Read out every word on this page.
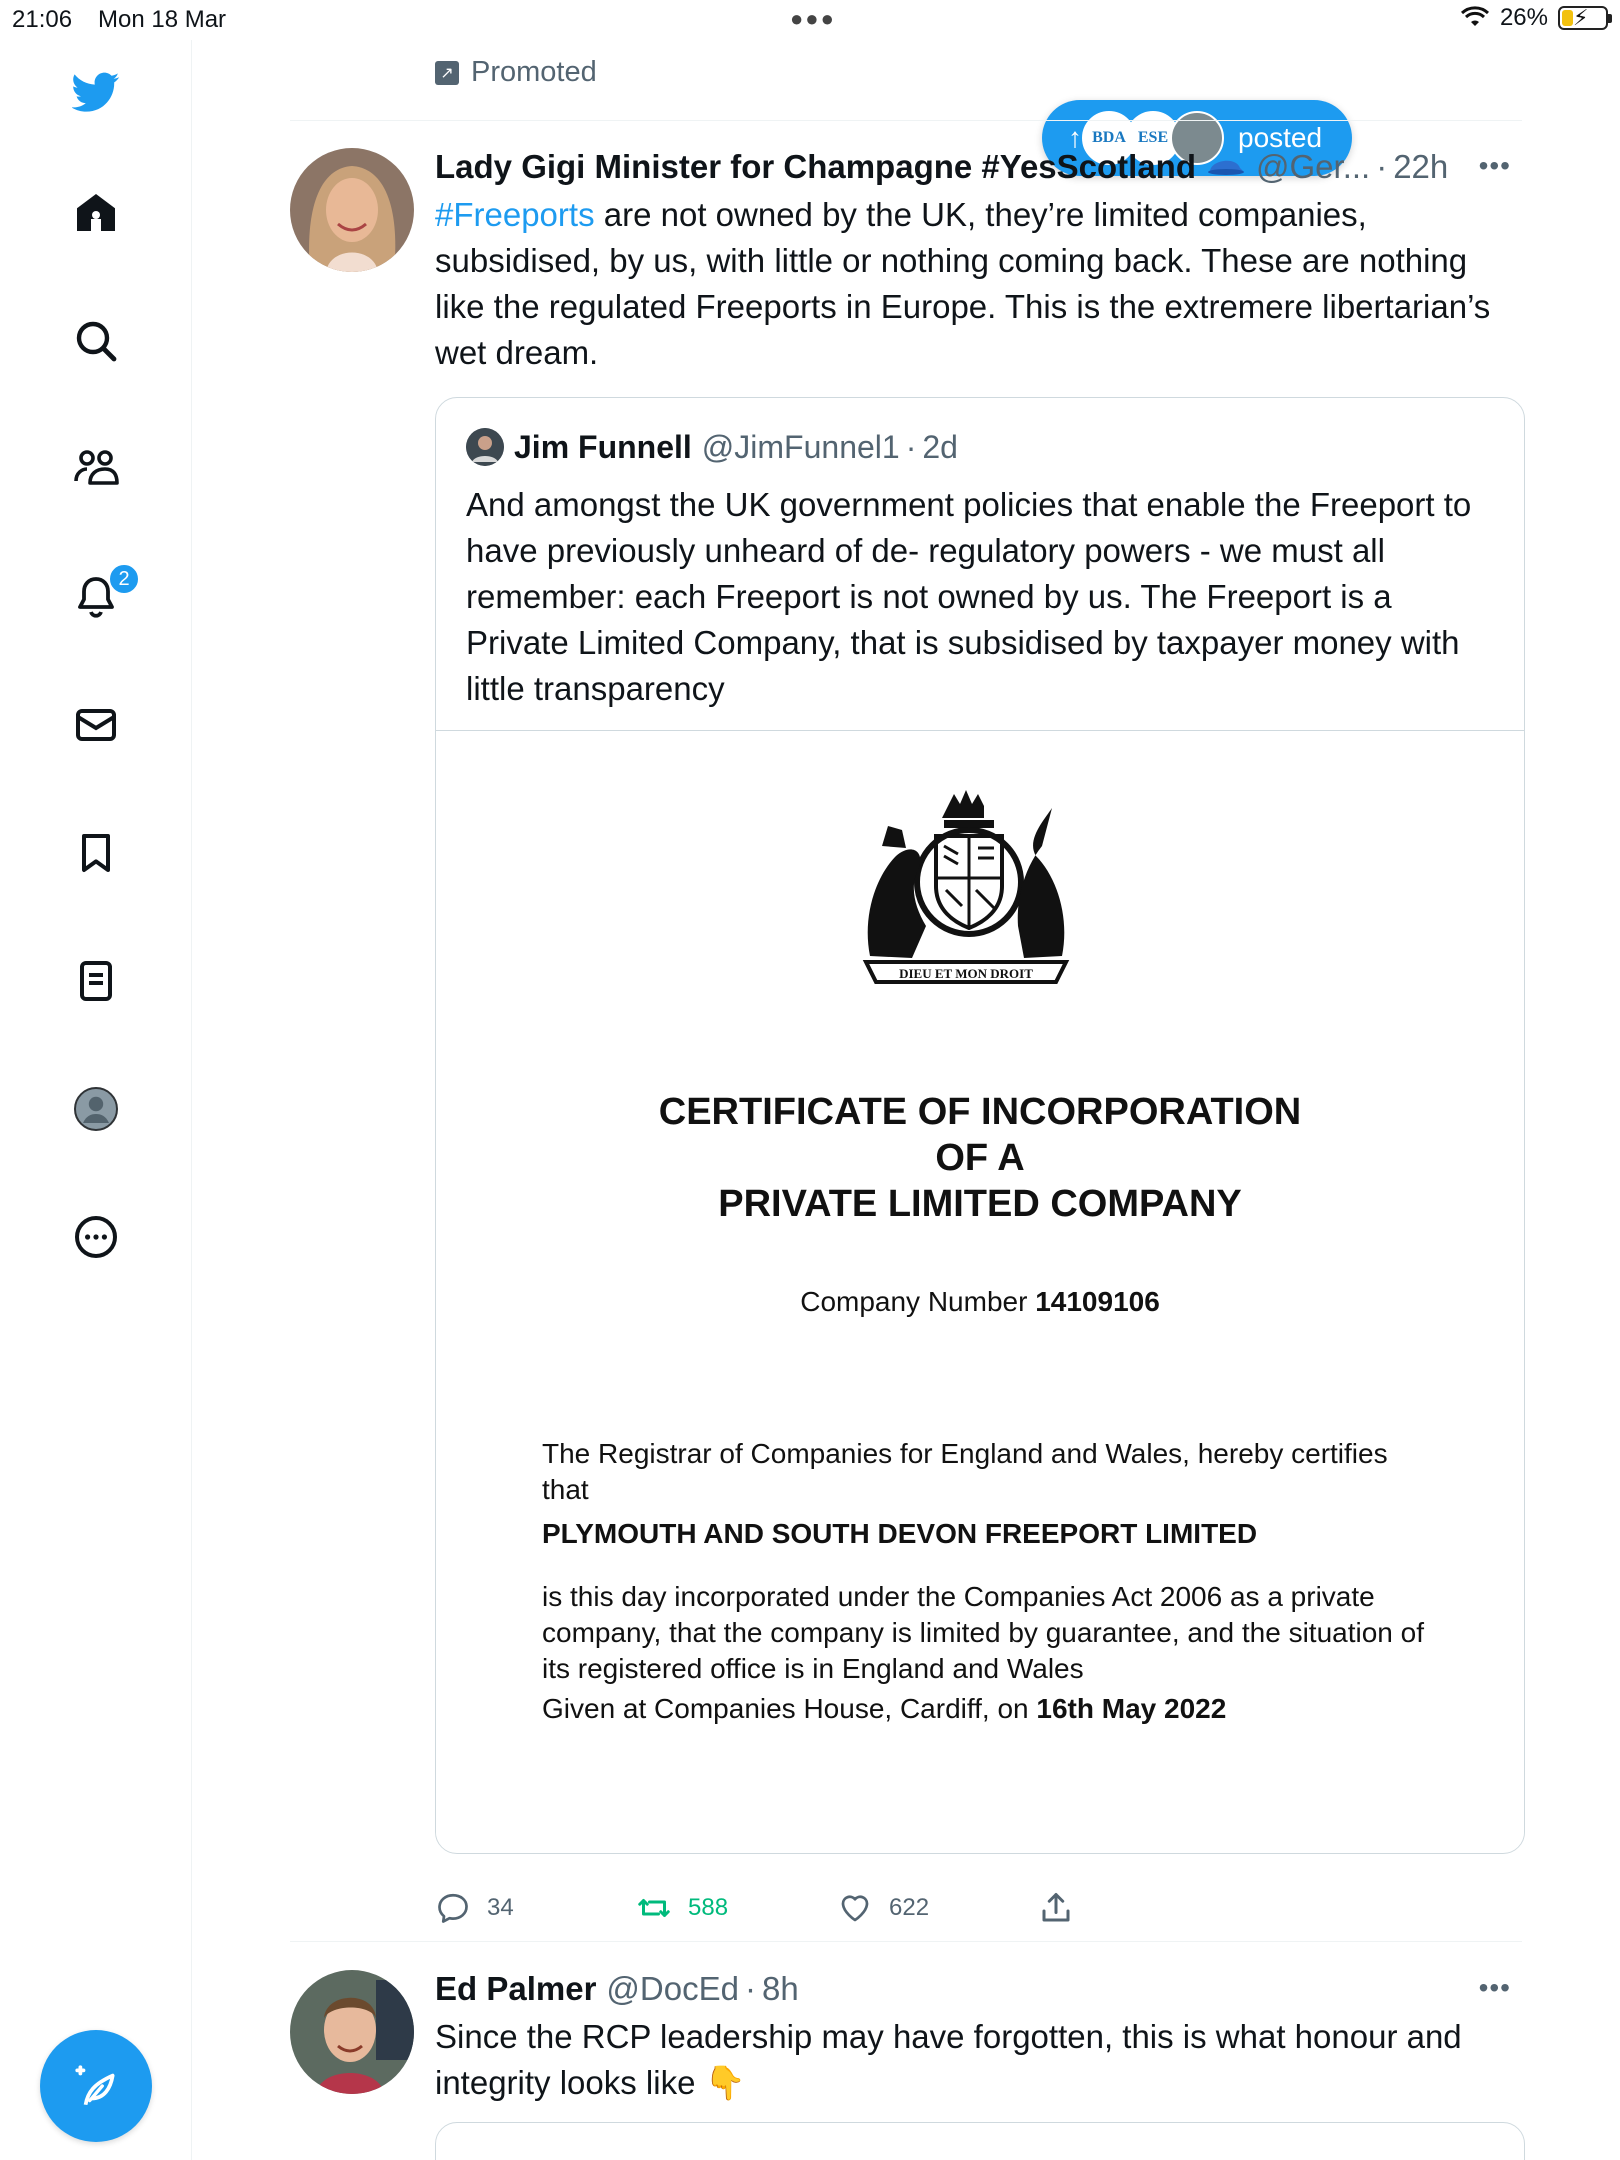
21:06 Mon 18 Mar	●●●	26% ⚡
2
↗ Promoted
↑ BDA ESE	posted
Lady Gigi Minister for Champagne #YesScotland @Ger... · 22h •••
#Freeports are not owned by the UK, they’re limited companies, subsidised, by us, with little or nothing coming back. These are nothing like the regulated Freeports in Europe. This is the extremere libertarian’s wet dream.
Jim Funnell @JimFunnel1 · 2d
And amongst the UK government policies that enable the Freeport to have previously unheard of de- regulatory powers - we must all remember: each Freeport is not owned by us. The Freeport is a Private Limited Company, that is subsidised by taxpayer money with little transparency
DIEU ET MON DROIT
CERTIFICATE OF INCORPORATION
OF A
PRIVATE LIMITED COMPANY
Company Number 14109106
The Registrar of Companies for England and Wales, hereby certifies that
PLYMOUTH AND SOUTH DEVON FREEPORT LIMITED
is this day incorporated under the Companies Act 2006 as a private company, that the company is limited by guarantee, and the situation of its registered office is in England and Wales
Given at Companies House, Cardiff, on 16th May 2022
34	588	622
Ed Palmer @DocEd · 8h	•••
Since the RCP leadership may have forgotten, this is what honour and integrity looks like 👇
